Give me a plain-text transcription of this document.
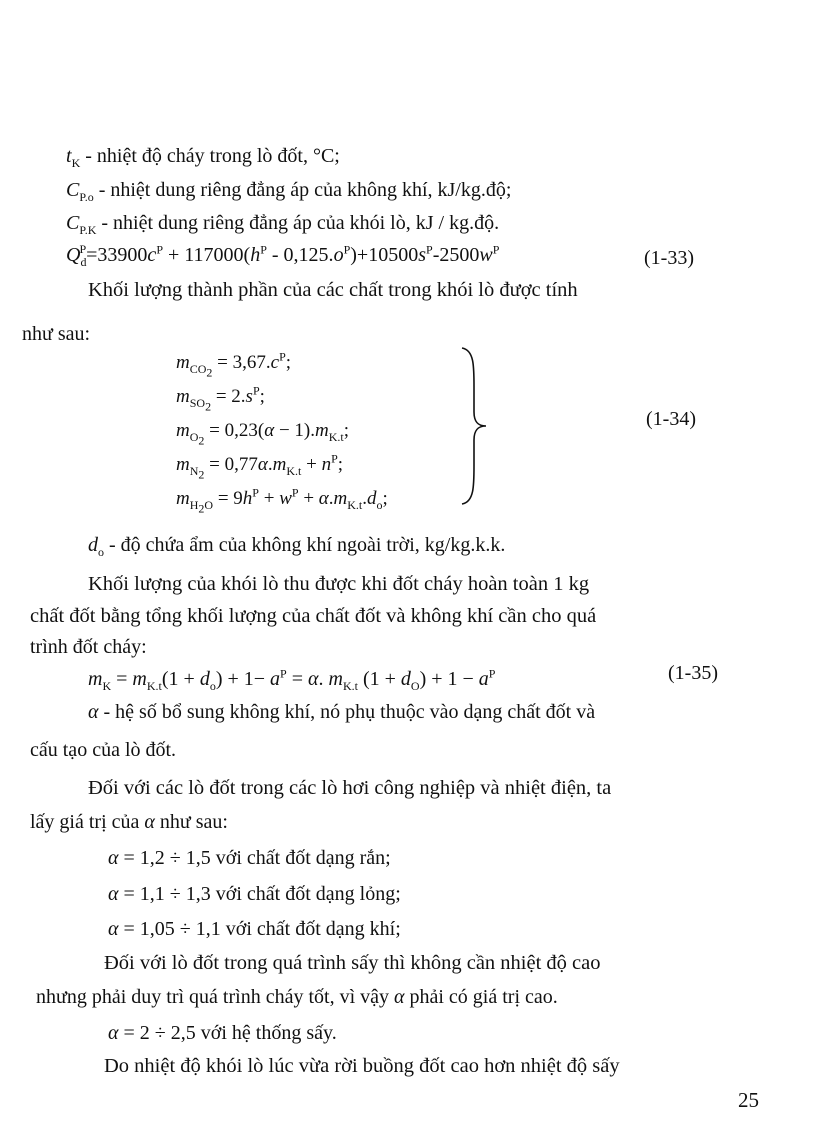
$t_K$ - nhiệt độ cháy trong lò đốt, °C;
$C_{P.o}$ - nhiệt dung riêng đẳng áp của không khí, kJ/kg.độ;
$C_{P.K}$ - nhiệt dung riêng đẳng áp của khói lò, kJ / kg.độ.
$Q_d^P=33900c^P + 117000(h^P - 0,125.o^P)+10500s^P-2500w^P$	(1-33)
Khối lượng thành phần của các chất trong khói lò được tính
như sau:
$m_{CO_2} = 3,67.c^P$;
$m_{SO_2} = 2.s^P$;
$m_{O_2} = 0,23(\alpha - 1).m_{K.t}$;
$m_{N_2} = 0,77\alpha.m_{K.t} + n^P$;
$m_{H_2O} = 9h^P + w^P + \alpha.m_{K.t}.d_o$;
(1-34)
$d_o$ - độ chứa ẩm của không khí ngoài trời, kg/kg.k.k.
Khối lượng của khói lò thu được khi đốt cháy hoàn toàn 1 kg
chất đốt bằng tổng khối lượng của chất đốt và không khí cần cho quá
trình đốt cháy:
$m_K = m_{K.t}(1 + d_o) + 1- a^P = \alpha$. $m_{K.t}$ $(1 + d_O) + 1 - a^P$	(1-35)
α - hệ số bổ sung không khí, nó phụ thuộc vào dạng chất đốt và
cấu tạo của lò đốt.
Đối với các lò đốt trong các lò hơi công nghiệp và nhiệt điện, ta
lấy giá trị của α như sau:
α = 1,2 ÷ 1,5 với chất đốt dạng rắn;
α = 1,1 ÷ 1,3 với chất đốt dạng lỏng;
α = 1,05 ÷ 1,1 với chất đốt dạng khí;
Đối với lò đốt trong quá trình sấy thì không cần nhiệt độ cao
nhưng phải duy trì quá trình cháy tốt, vì vậy α phải có giá trị cao.
α = 2 ÷ 2,5 với hệ thống sấy.
Do nhiệt độ khói lò lúc vừa rời buồng đốt cao hơn nhiệt độ sấy
25
